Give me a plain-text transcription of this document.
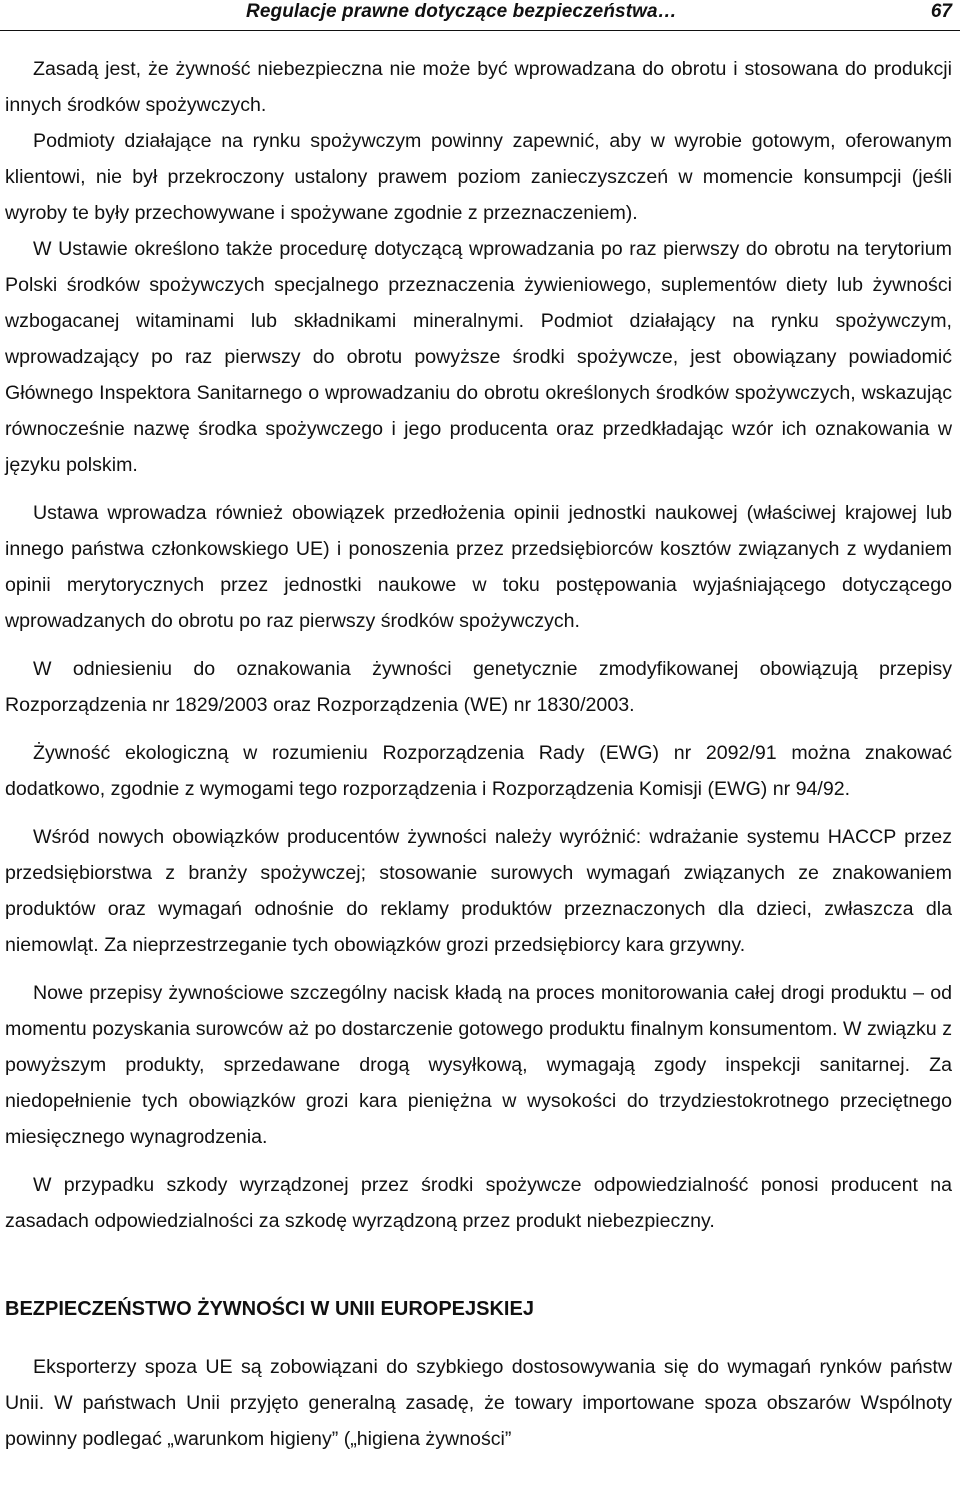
Regulacje prawne dotyczące bezpieczeństwa…	67

Zasadą jest, że żywność niebezpieczna nie może być wprowadzana do obrotu i stosowana do produkcji innych środków spożywczych.

Podmioty działające na rynku spożywczym powinny zapewnić, aby w wyrobie gotowym, oferowanym klientowi, nie był przekroczony ustalony prawem poziom zanieczyszczeń w momencie konsumpcji (jeśli wyroby te były przechowywane i spożywane zgodnie z przeznaczeniem).

W Ustawie określono także procedurę dotyczącą wprowadzania po raz pierwszy do obrotu na terytorium Polski środków spożywczych specjalnego przeznaczenia żywieniowego, suplementów diety lub żywności wzbogacanej witaminami lub składnikami mineralnymi. Podmiot działający na rynku spożywczym, wprowadzający po raz pierwszy do obrotu powyższe środki spożywcze, jest obowiązany powiadomić Głównego Inspektora Sanitarnego o wprowadzaniu do obrotu określonych środków spożywczych, wskazując równocześnie nazwę środka spożywczego i jego producenta oraz przedkładając wzór ich oznakowania w języku polskim.

Ustawa wprowadza również obowiązek przedłożenia opinii jednostki naukowej (właściwej krajowej lub innego państwa członkowskiego UE) i ponoszenia przez przedsiębiorców kosztów związanych z wydaniem opinii merytorycznych przez jednostki naukowe w toku postępowania wyjaśniającego dotyczącego wprowadzanych do obrotu po raz pierwszy środków spożywczych.

W odniesieniu do oznakowania żywności genetycznie zmodyfikowanej obowiązują przepisy Rozporządzenia nr 1829/2003 oraz Rozporządzenia (WE) nr 1830/2003.

Żywność ekologiczną w rozumieniu Rozporządzenia Rady (EWG) nr 2092/91 można znakować dodatkowo, zgodnie z wymogami tego rozporządzenia i Rozporządzenia Komisji (EWG) nr 94/92.

Wśród nowych obowiązków producentów żywności należy wyróżnić: wdrażanie systemu HACCP przez przedsiębiorstwa z branży spożywczej; stosowanie surowych wymagań związanych ze znakowaniem produktów oraz wymagań odnośnie do reklamy produktów przeznaczonych dla dzieci, zwłaszcza dla niemowląt. Za nieprzestrzeganie tych obowiązków grozi przedsiębiorcy kara grzywny.

Nowe przepisy żywnościowe szczególny nacisk kładą na proces monitorowania całej drogi produktu – od momentu pozyskania surowców aż po dostarczenie gotowego produktu finalnym konsumentom. W związku z powyższym produkty, sprzedawane drogą wysyłkową, wymagają zgody inspekcji sanitarnej. Za niedopełnienie tych obowiązków grozi kara pieniężna w wysokości do trzydziestokrotnego przeciętnego miesięcznego wynagrodzenia.

W przypadku szkody wyrządzonej przez środki spożywcze odpowiedzialność ponosi producent na zasadach odpowiedzialności za szkodę wyrządzoną przez produkt niebezpieczny.

BEZPIECZEŃSTWO ŻYWNOŚCI W UNII EUROPEJSKIEJ

Eksporterzy spoza UE są zobowiązani do szybkiego dostosowywania się do wymagań rynków państw Unii. W państwach Unii przyjęto generalną zasadę, że towary importowane spoza obszarów Wspólnoty powinny podlegać „warunkom higieny” („higiena żywności”
